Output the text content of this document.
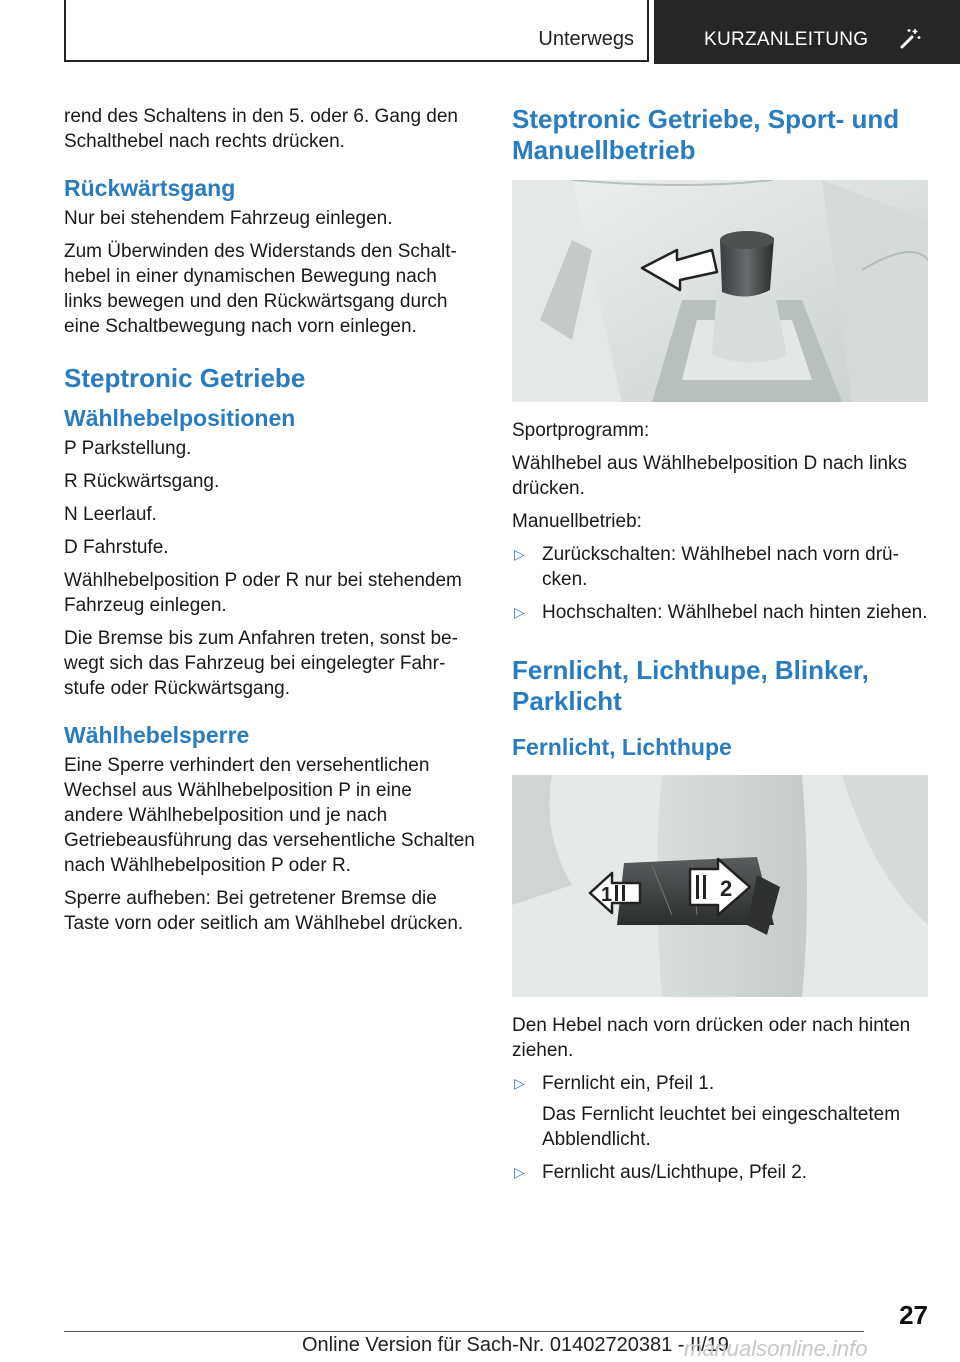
Unterwegs	KURZANLEITUNG

rend des Schaltens in den 5. oder 6. Gang den Schalthebel nach rechts drücken.

Rückwärtsgang

Nur bei stehendem Fahrzeug einlegen.

Zum Überwinden des Widerstands den Schalthebel in einer dynamischen Bewegung nach links bewegen und den Rückwärtsgang durch eine Schaltbewegung nach vorn einlegen.

Steptronic Getriebe
Wählhebelpositionen

P Parkstellung.

R Rückwärtsgang.

N Leerlauf.

D Fahrstufe.

Wählhebelposition P oder R nur bei stehendem Fahrzeug einlegen.

Die Bremse bis zum Anfahren treten, sonst bewegt sich das Fahrzeug bei eingelegter Fahrstufe oder Rückwärtsgang.

Wählhebelsperre

Eine Sperre verhindert den versehentlichen Wechsel aus Wählhebelposition P in eine andere Wählhebelposition und je nach Getriebeausführung das versehentliche Schalten nach Wählhebelposition P oder R.

Sperre aufheben: Bei getretener Bremse die Taste vorn oder seitlich am Wählhebel drücken.

Steptronic Getriebe, Sport- und Manuellbetrieb

Sportprogramm:

Wählhebel aus Wählhebelposition D nach links drücken.

Manuellbetrieb:

▷ Zurückschalten: Wählhebel nach vorn drücken.
▷ Hochschalten: Wählhebel nach hinten ziehen.
Fernlicht, Lichthupe, Blinker, Parklicht
Fernlicht, Lichthupe
1	2

Den Hebel nach vorn drücken oder nach hinten ziehen.

▷ Fernlicht ein, Pfeil 1.
Das Fernlicht leuchtet bei eingeschaltetem Abblendlicht.
▷ Fernlicht aus/Lichthupe, Pfeil 2.
27
Online Version für Sach-Nr. 01402720381 - II/19
manualsonline.info
